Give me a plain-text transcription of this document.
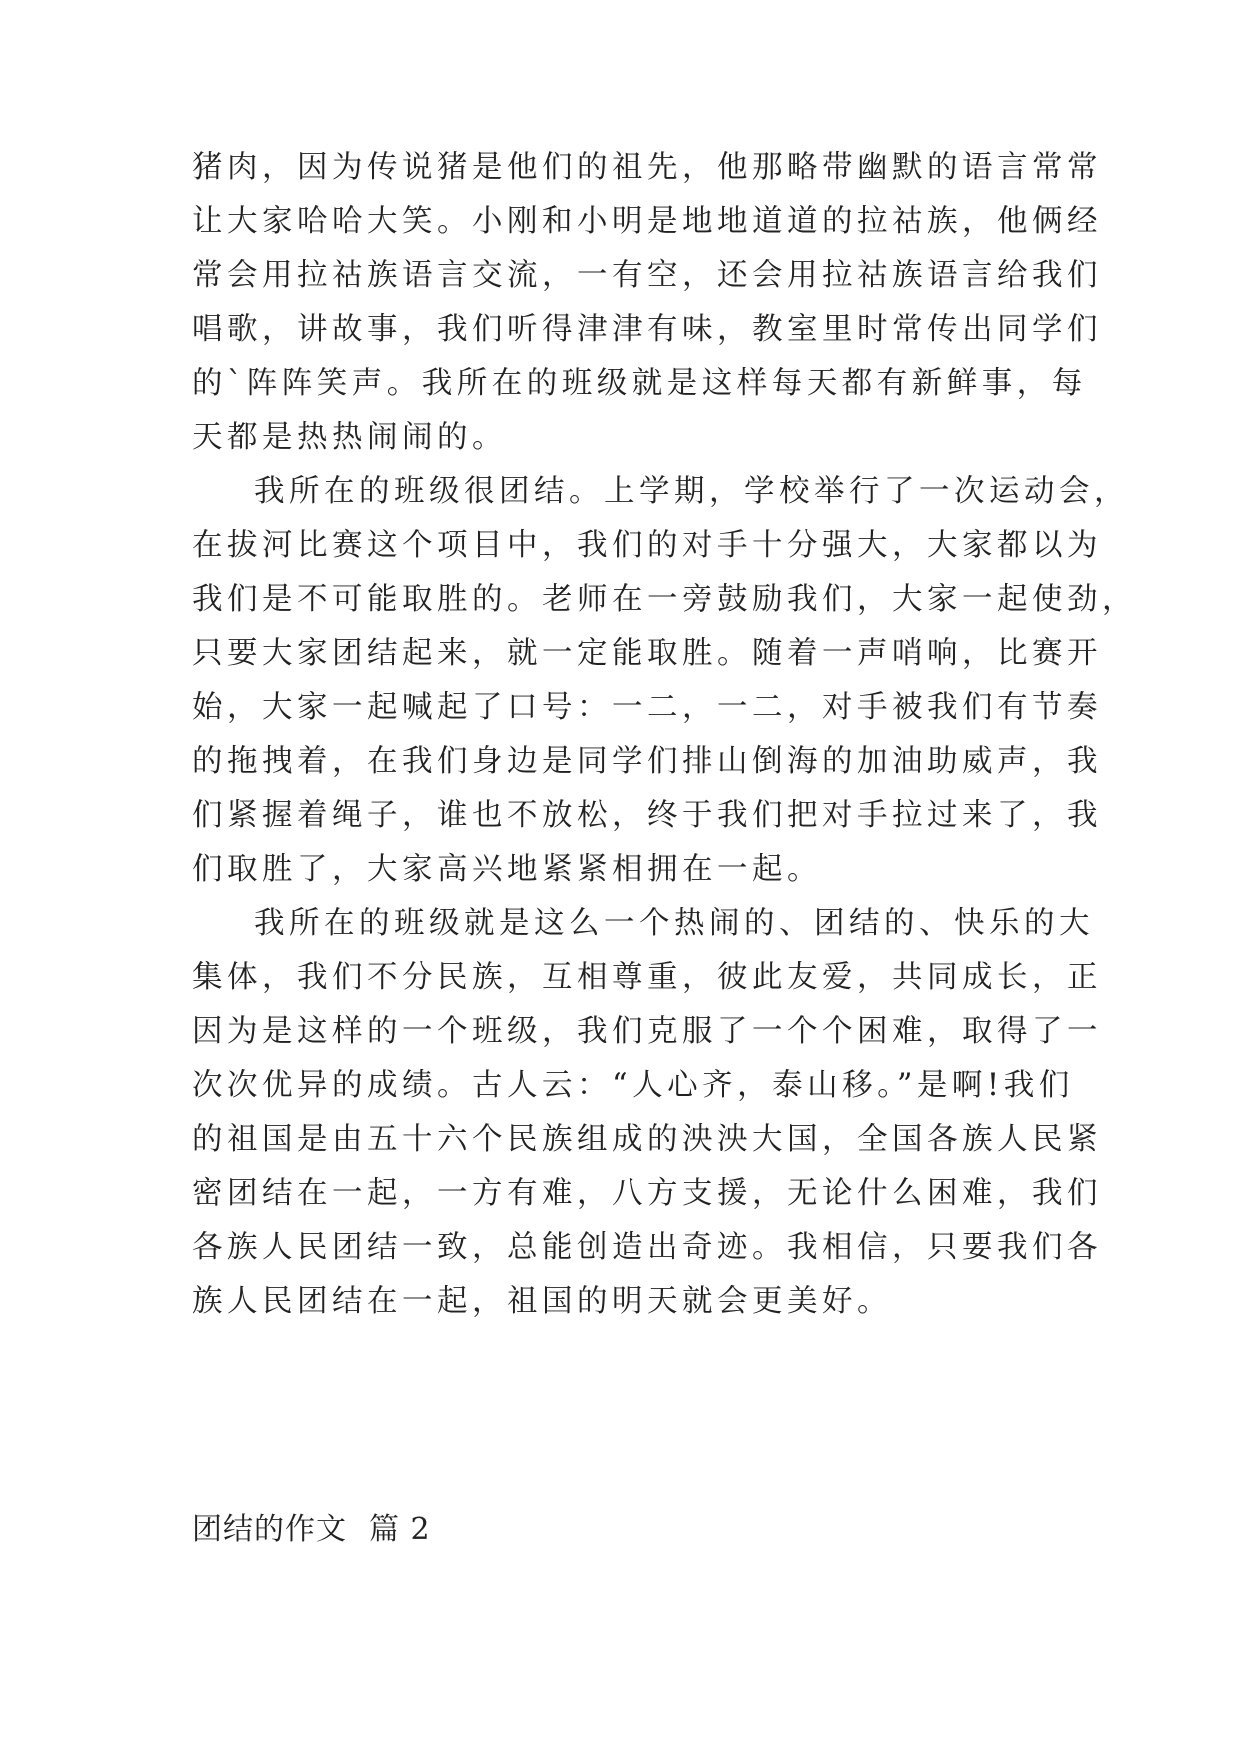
猪肉，因为传说猪是他们的祖先，他那略带幽默的语言常常
让大家哈哈大笑。小刚和小明是地地道道的拉祜族，他俩经
常会用拉祜族语言交流，一有空，还会用拉祜族语言给我们
唱歌，讲故事，我们听得津津有味，教室里时常传出同学们
的`阵阵笑声。我所在的班级就是这样每天都有新鲜事，每
天都是热热闹闹的。
我所在的班级很团结。上学期，学校举行了一次运动会，
在拔河比赛这个项目中，我们的对手十分强大，大家都以为
我们是不可能取胜的。老师在一旁鼓励我们，大家一起使劲，
只要大家团结起来，就一定能取胜。随着一声哨响，比赛开
始，大家一起喊起了口号：一二，一二，对手被我们有节奏
的拖拽着，在我们身边是同学们排山倒海的加油助威声，我
们紧握着绳子，谁也不放松，终于我们把对手拉过来了，我
们取胜了，大家高兴地紧紧相拥在一起。
我所在的班级就是这么一个热闹的、团结的、快乐的大
集体，我们不分民族，互相尊重，彼此友爱，共同成长，正
因为是这样的一个班级，我们克服了一个个困难，取得了一
次次优异的成绩。古人云：“人心齐，泰山移。”是啊!我们
的祖国是由五十六个民族组成的泱泱大国，全国各族人民紧
密团结在一起，一方有难，八方支援，无论什么困难，我们
各族人民团结一致，总能创造出奇迹。我相信，只要我们各
族人民团结在一起，祖国的明天就会更美好。
团结的作文 篇 2
